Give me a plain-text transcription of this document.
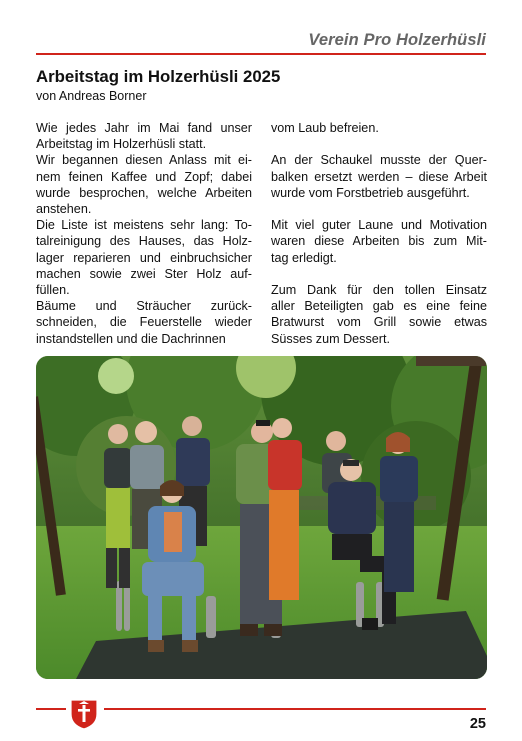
Verein Pro Holzerhüsli
Arbeitstag im Holzerhüsli 2025
von Andreas Borner
Wie jedes Jahr im Mai fand unser
Arbeitstag im Holzerhüsli statt.
Wir begannen diesen Anlass mit ei-
nem feinen Kaffee und Zopf; dabei
wurde besprochen, welche Arbeiten
anstehen.
Die Liste ist meistens sehr lang: To-
talreinigung des Hauses, das Holz-
lager reparieren und einbruchsicher
machen sowie zwei Ster Holz auf-
füllen.
Bäume und Sträucher zurück-
schneiden, die Feuerstelle wieder
instandstellen und die Dachrinnen
vom Laub befreien.
An der Schaukel musste der Quer-
balken ersetzt werden – diese Arbeit
wurde vom Forstbetrieb ausgeführt.
Mit viel guter Laune und Motivation
waren diese Arbeiten bis zum Mit-
tag erledigt.
Zum Dank für den tollen Einsatz
aller Beteiligten gab es eine feine
Bratwurst vom Grill sowie etwas
Süsses zum Dessert.
25
